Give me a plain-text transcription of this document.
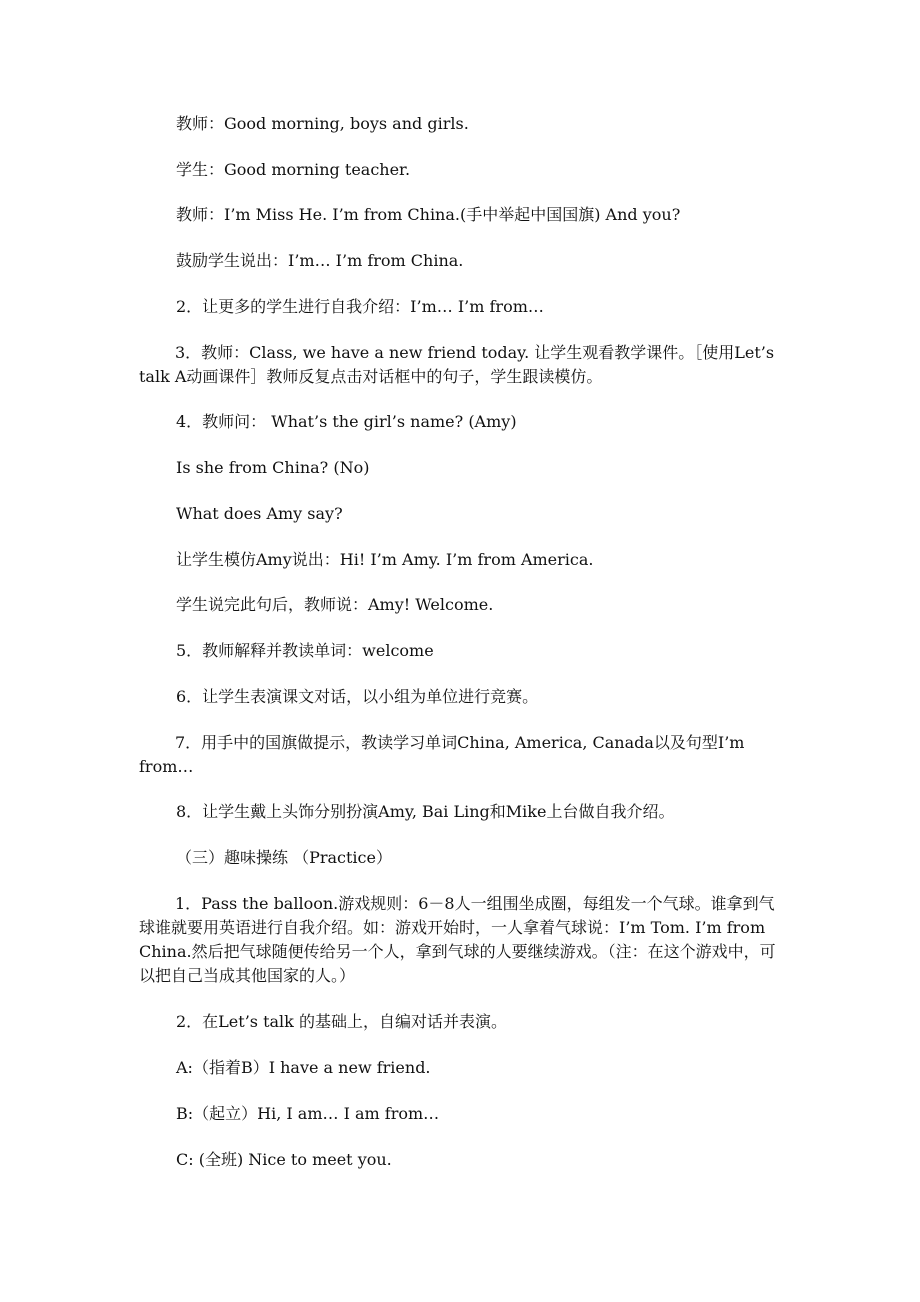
教师：Good morning, boys and girls.
学生：Good morning teacher.
教师：I’m Miss He. I’m from China.(手中举起中国国旗) And you?
鼓励学生说出：I’m… I’m from China.
2．让更多的学生进行自我介绍：I’m… I’m from…
3．教师：Class, we have a new friend today. 让学生观看教学课件。［使用Let’s talk A动画课件］教师反复点击对话框中的句子，学生跟读模仿。
4．教师问： What’s the girl’s name? (Amy)
Is she from China? (No)
What does Amy say?
让学生模仿Amy说出：Hi! I’m Amy. I’m from America.
学生说完此句后，教师说：Amy! Welcome.
5．教师解释并教读单词：welcome
6．让学生表演课文对话，以小组为单位进行竞赛。
7．用手中的国旗做提示，教读学习单词China, America, Canada以及句型I’m from…
8．让学生戴上头饰分别扮演Amy, Bai Ling和Mike上台做自我介绍。
（三）趣味操练 （Practice）
1．Pass the balloon.游戏规则：6－8人一组围坐成圈，每组发一个气球。谁拿到气球谁就要用英语进行自我介绍。如：游戏开始时，一人拿着气球说：I’m Tom. I’m from China.然后把气球随便传给另一个人，拿到气球的人要继续游戏。（注：在这个游戏中，可以把自己当成其他国家的人。）
2．在Let’s talk 的基础上，自编对话并表演。
A:（指着B）I have a new friend.
B:（起立）Hi, I am… I am from…
C: (全班) Nice to meet you.
